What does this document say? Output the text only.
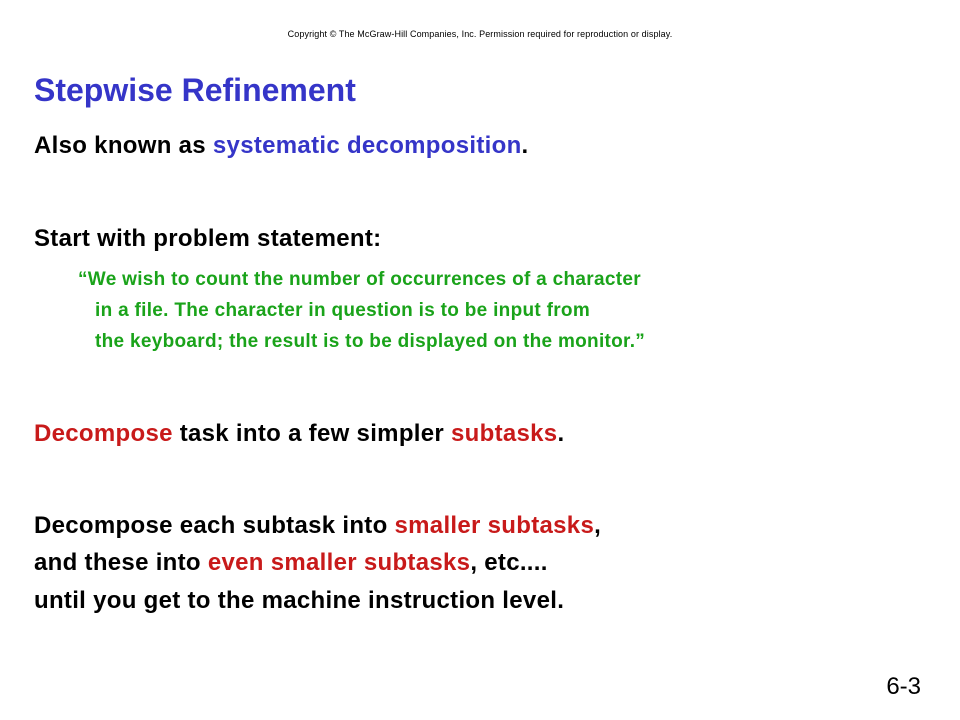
Copyright © The McGraw-Hill Companies, Inc. Permission required for reproduction or display.
Stepwise Refinement

Also known as systematic decomposition.

Start with problem statement:

“We wish to count the number of occurrences of a character
in a file. The character in question is to be input from
the keyboard; the result is to be displayed on the monitor.”

Decompose task into a few simpler subtasks.

Decompose each subtask into smaller subtasks,

and these into even smaller subtasks, etc....

until you get to the machine instruction level.

6-3
